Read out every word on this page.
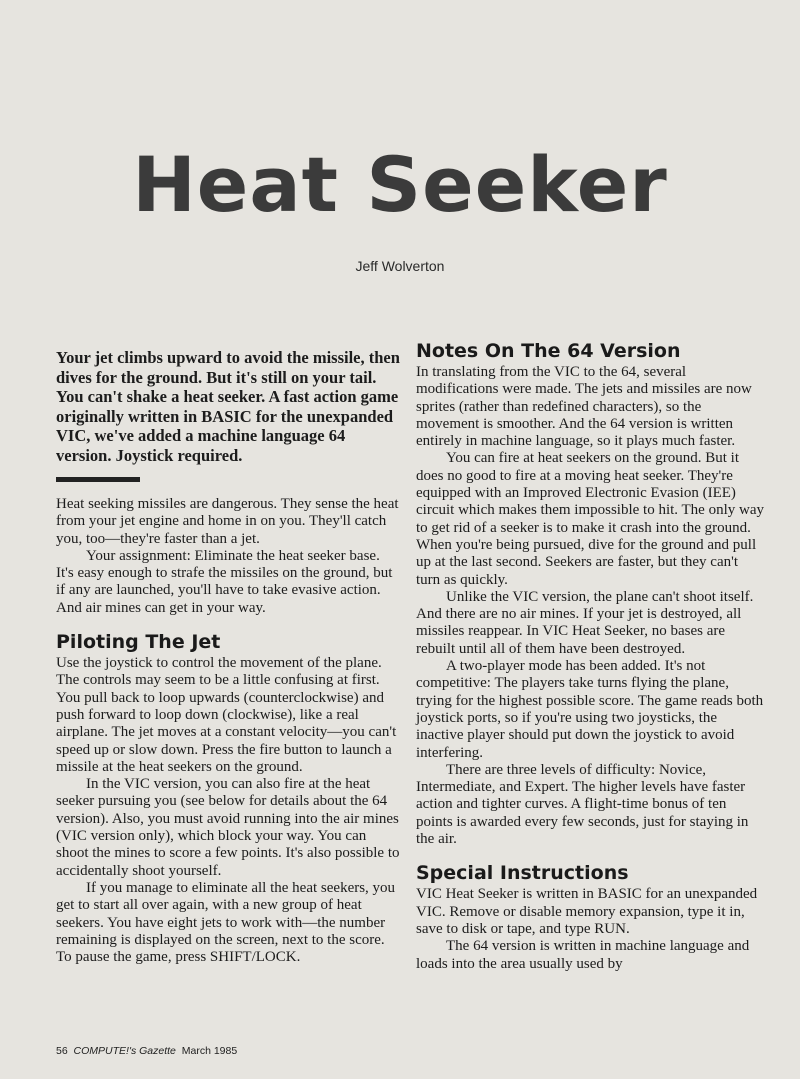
Heat Seeker
Jeff Wolverton

Your jet climbs upward to avoid the missile, then dives for the ground. But it's still on your tail. You can't shake a heat seeker. A fast action game originally written in BASIC for the unexpanded VIC, we've added a machine language 64 version. Joystick required.

Heat seeking missiles are dangerous. They sense the heat from your jet engine and home in on you. They'll catch you, too—they're faster than a jet.

Your assignment: Eliminate the heat seeker base. It's easy enough to strafe the missiles on the ground, but if any are launched, you'll have to take evasive action. And air mines can get in your way.

Piloting The Jet

Use the joystick to control the movement of the plane. The controls may seem to be a little confusing at first. You pull back to loop upwards (counterclockwise) and push forward to loop down (clockwise), like a real airplane. The jet moves at a constant velocity—you can't speed up or slow down. Press the fire button to launch a missile at the heat seekers on the ground.

In the VIC version, you can also fire at the heat seeker pursuing you (see below for details about the 64 version). Also, you must avoid running into the air mines (VIC version only), which block your way. You can shoot the mines to score a few points. It's also possible to accidentally shoot yourself.

If you manage to eliminate all the heat seekers, you get to start all over again, with a new group of heat seekers. You have eight jets to work with—the number remaining is displayed on the screen, next to the score. To pause the game, press SHIFT/LOCK.

Notes On The 64 Version

In translating from the VIC to the 64, several modifications were made. The jets and missiles are now sprites (rather than redefined characters), so the movement is smoother. And the 64 version is written entirely in machine language, so it plays much faster.

You can fire at heat seekers on the ground. But it does no good to fire at a moving heat seeker. They're equipped with an Improved Electronic Evasion (IEE) circuit which makes them impossible to hit. The only way to get rid of a seeker is to make it crash into the ground. When you're being pursued, dive for the ground and pull up at the last second. Seekers are faster, but they can't turn as quickly.

Unlike the VIC version, the plane can't shoot itself. And there are no air mines. If your jet is destroyed, all missiles reappear. In VIC Heat Seeker, no bases are rebuilt until all of them have been destroyed.

A two-player mode has been added. It's not competitive: The players take turns flying the plane, trying for the highest possible score. The game reads both joystick ports, so if you're using two joysticks, the inactive player should put down the joystick to avoid interfering.

There are three levels of difficulty: Novice, Intermediate, and Expert. The higher levels have faster action and tighter curves. A flight-time bonus of ten points is awarded every few seconds, just for staying in the air.

Special Instructions

VIC Heat Seeker is written in BASIC for an unexpanded VIC. Remove or disable memory expansion, type it in, save to disk or tape, and type RUN.

The 64 version is written in machine language and loads into the area usually used by

56 COMPUTE!'s Gazette March 1985
